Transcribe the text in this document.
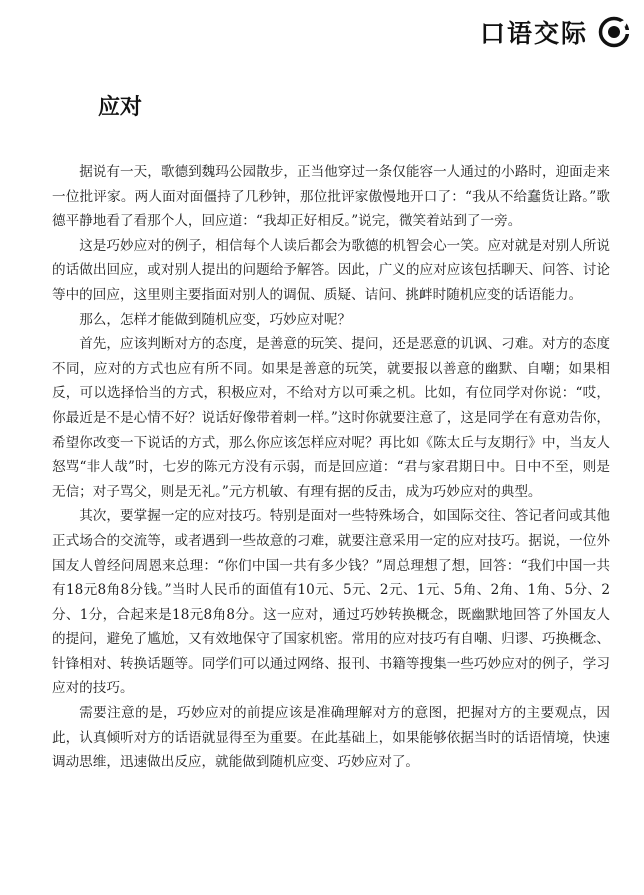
口语交际
应对

据说有一天，歌德到魏玛公园散步，正当他穿过一条仅能容一人通过的小路时，迎面走来一位批评家。两人面对面僵持了几秒钟，那位批评家傲慢地开口了：“我从不给蠢货让路。”歌德平静地看了看那个人，回应道：“我却正好相反。”说完，微笑着站到了一旁。

这是巧妙应对的例子，相信每个人读后都会为歌德的机智会心一笑。应对就是对别人所说的话做出回应，或对别人提出的问题给予解答。因此，广义的应对应该包括聊天、问答、讨论等中的回应，这里则主要指面对别人的调侃、质疑、诘问、挑衅时随机应变的话语能力。

那么，怎样才能做到随机应变，巧妙应对呢？

首先，应该判断对方的态度，是善意的玩笑、提问，还是恶意的讥讽、刁难。对方的态度不同，应对的方式也应有所不同。如果是善意的玩笑，就要报以善意的幽默、自嘲；如果相反，可以选择恰当的方式，积极应对，不给对方以可乘之机。比如，有位同学对你说：“哎，你最近是不是心情不好？说话好像带着刺一样。”这时你就要注意了，这是同学在有意劝告你，希望你改变一下说话的方式，那么你应该怎样应对呢？再比如《陈太丘与友期行》中，当友人怒骂“非人哉”时，七岁的陈元方没有示弱，而是回应道：“君与家君期日中。日中不至，则是无信；对子骂父，则是无礼。”元方机敏、有理有据的反击，成为巧妙应对的典型。

其次，要掌握一定的应对技巧。特别是面对一些特殊场合，如国际交往、答记者问或其他正式场合的交流等，或者遇到一些故意的刁难，就要注意采用一定的应对技巧。据说，一位外国友人曾经问周恩来总理：“你们中国一共有多少钱？”周总理想了想，回答：“我们中国一共有18元8角8分钱。”当时人民币的面值有10元、5元、2元、1元、5角、2角、1角、5分、2分、1分，合起来是18元8角8分。这一应对，通过巧妙转换概念，既幽默地回答了外国友人的提问，避免了尴尬，又有效地保守了国家机密。常用的应对技巧有自嘲、归谬、巧换概念、针锋相对、转换话题等。同学们可以通过网络、报刊、书籍等搜集一些巧妙应对的例子，学习应对的技巧。

需要注意的是，巧妙应对的前提应该是准确理解对方的意图，把握对方的主要观点，因此，认真倾听对方的话语就显得至为重要。在此基础上，如果能够依据当时的话语情境，快速调动思维，迅速做出反应，就能做到随机应变、巧妙应对了。
